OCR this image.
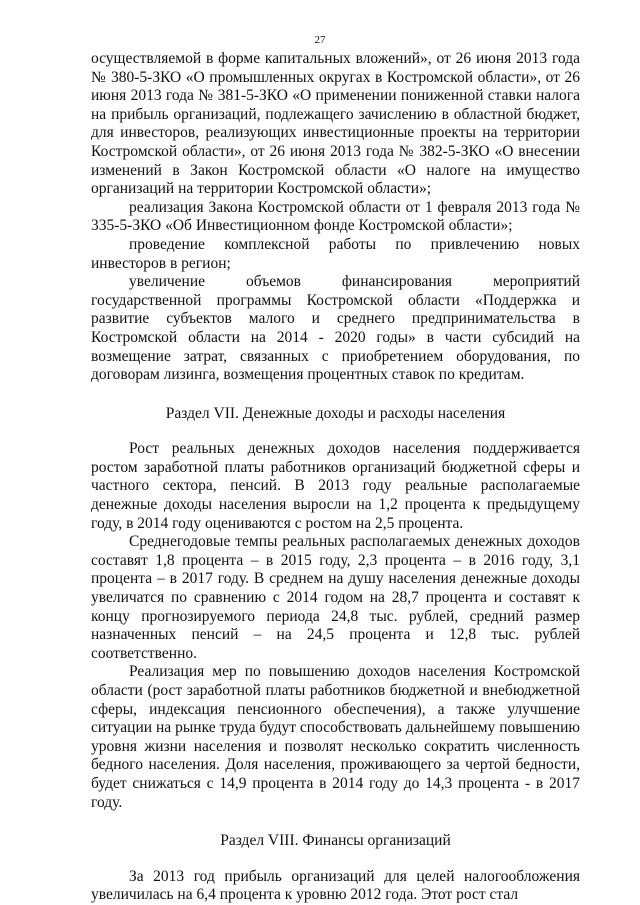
27

осуществляемой в форме капитальных вложений», от 26 июня 2013 года № 380-5-ЗКО «О промышленных округах в Костромской области», от 26 июня 2013 года № 381-5-ЗКО «О применении пониженной ставки налога на прибыль организаций, подлежащего зачислению в областной бюджет, для инвесторов, реализующих инвестиционные проекты на территории Костромской области», от 26 июня 2013 года № 382-5-ЗКО «О внесении изменений в Закон Костромской области «О налоге на имущество организаций на территории Костромской области»;

реализация Закона Костромской области от 1 февраля 2013 года № 335-5-ЗКО «Об Инвестиционном фонде Костромской области»;

проведение комплексной работы по привлечению новых инвесторов в регион;

увеличение объемов финансирования мероприятий государственной программы Костромской области «Поддержка и развитие субъектов малого и среднего предпринимательства в Костромской области на 2014 - 2020 годы» в части субсидий на возмещение затрат, связанных с приобретением оборудования, по договорам лизинга, возмещения процентных ставок по кредитам.

Раздел VII. Денежные доходы и расходы населения

Рост реальных денежных доходов населения поддерживается ростом заработной платы работников организаций бюджетной сферы и частного сектора, пенсий. В 2013 году реальные располагаемые денежные доходы населения выросли на 1,2 процента к предыдущему году, в 2014 году оцениваются с ростом на 2,5 процента.

Среднегодовые темпы реальных располагаемых денежных доходов составят 1,8 процента – в 2015 году, 2,3 процента – в 2016 году, 3,1 процента – в 2017 году. В среднем на душу населения денежные доходы увеличатся по сравнению с 2014 годом на 28,7 процента и составят к концу прогнозируемого периода 24,8 тыс. рублей, средний размер назначенных пенсий – на 24,5 процента и 12,8 тыс. рублей соответственно.

Реализация мер по повышению доходов населения Костромской области (рост заработной платы работников бюджетной и внебюджетной сферы, индексация пенсионного обеспечения), а также улучшение ситуации на рынке труда будут способствовать дальнейшему повышению уровня жизни населения и позволят несколько сократить численность бедного населения. Доля населения, проживающего за чертой бедности, будет снижаться с 14,9 процента в 2014 году до 14,3 процента - в 2017 году.

Раздел VIII. Финансы организаций

За 2013 год прибыль организаций для целей налогообложения увеличилась на 6,4 процента к уровню 2012 года. Этот рост стал
